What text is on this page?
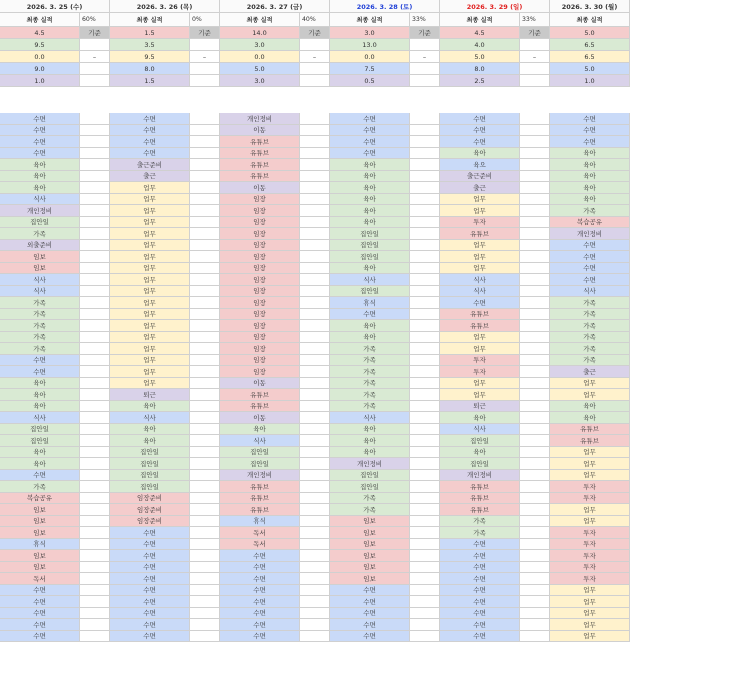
2026. 3. 25 (수)	2026. 3. 26 (목)	2026. 3. 27 (금)	2026. 3. 28 (토)	2026. 3. 29 (일)	2026. 3. 30 (월)
최종 실적	60%	최종 실적	0%	최종 실적	40%	최종 실적	33%	최종 실적	33%	최종 실적
4.5	기준	1.5	기준	14.0	기준	3.0	기준	4.5	기준	5.0
9.5	3.5	3.0	13.0	4.0	6.5
0.0	–	9.5	–	0.0	–	0.0	–	5.0	–	6.5
9.0	8.0	5.0	7.5	8.0	5.0
1.0	1.5	3.0	0.5	2.5	1.0
수면	수면	개인정비	수면	수면	수면
수면	수면	이동	수면	수면	수면
수면	수면	유튜브	수면	수면	수면
수면	수면	유튜브	수면	육아	육아
육아	출근준비	유튜브	육아	육으	육아
육아	출근	유튜브	육아	출근준비	육아
육아	업무	이동	육아	출근	육아
식사	업무	임장	육아	업무	육아
개인정비	업무	임장	육아	업무	가족
집안일	업무	임장	육아	투자	복습공유
가족	업무	임장	집안일	유튜브	개인정비
외출준비	업무	임장	집안일	업무	수면
임보	업무	임장	집안일	업무	수면
임보	업무	임장	육아	업무	수면
식사	업무	임장	식사	식사	수면
식사	업무	임장	집안일	식사	식사
가족	업무	임장	휴식	수면	가족
가족	업무	임장	수면	유튜브	가족
가족	업무	임장	육아	유튜브	가족
가족	업무	임장	육아	업무	가족
가족	업무	임장	가족	업무	가족
수면	업무	임장	가족	투자	가족
수면	업무	임장	가족	투자	출근
육아	업무	이동	가족	업무	업무
육아	퇴근	유튜브	가족	업무	업무
육아	육아	유튜브	가족	퇴근	육아
식사	식사	이동	식사	육아	육아
집안일	육아	육아	육아	식사	유튜브
집안일	육아	식사	육아	집안일	유튜브
육아	집안일	집안일	육아	육아	업무
육아	집안일	집안일	개인정비	집안일	업무
수면	집안일	개인정비	집안일	개인정비	업무
가족	집안일	유튜브	집안일	유튜브	투자
복습공유	임장준비	유튜브	가족	유튜브	투자
임보	임장준비	유튜브	가족	유튜브	업무
임보	임장준비	휴식	임보	가족	업무
임보	수면	독서	임보	가족	투자
휴식	수면	독서	임보	수면	투자
임보	수면	수면	임보	수면	투자
임보	수면	수면	임보	수면	투자
독서	수면	수면	임보	수면	투자
수면	수면	수면	수면	수면	업무
수면	수면	수면	수면	수면	업무
수면	수면	수면	수면	수면	업무
수면	수면	수면	수면	수면	업무
수면	수면	수면	수면	수면	업무
